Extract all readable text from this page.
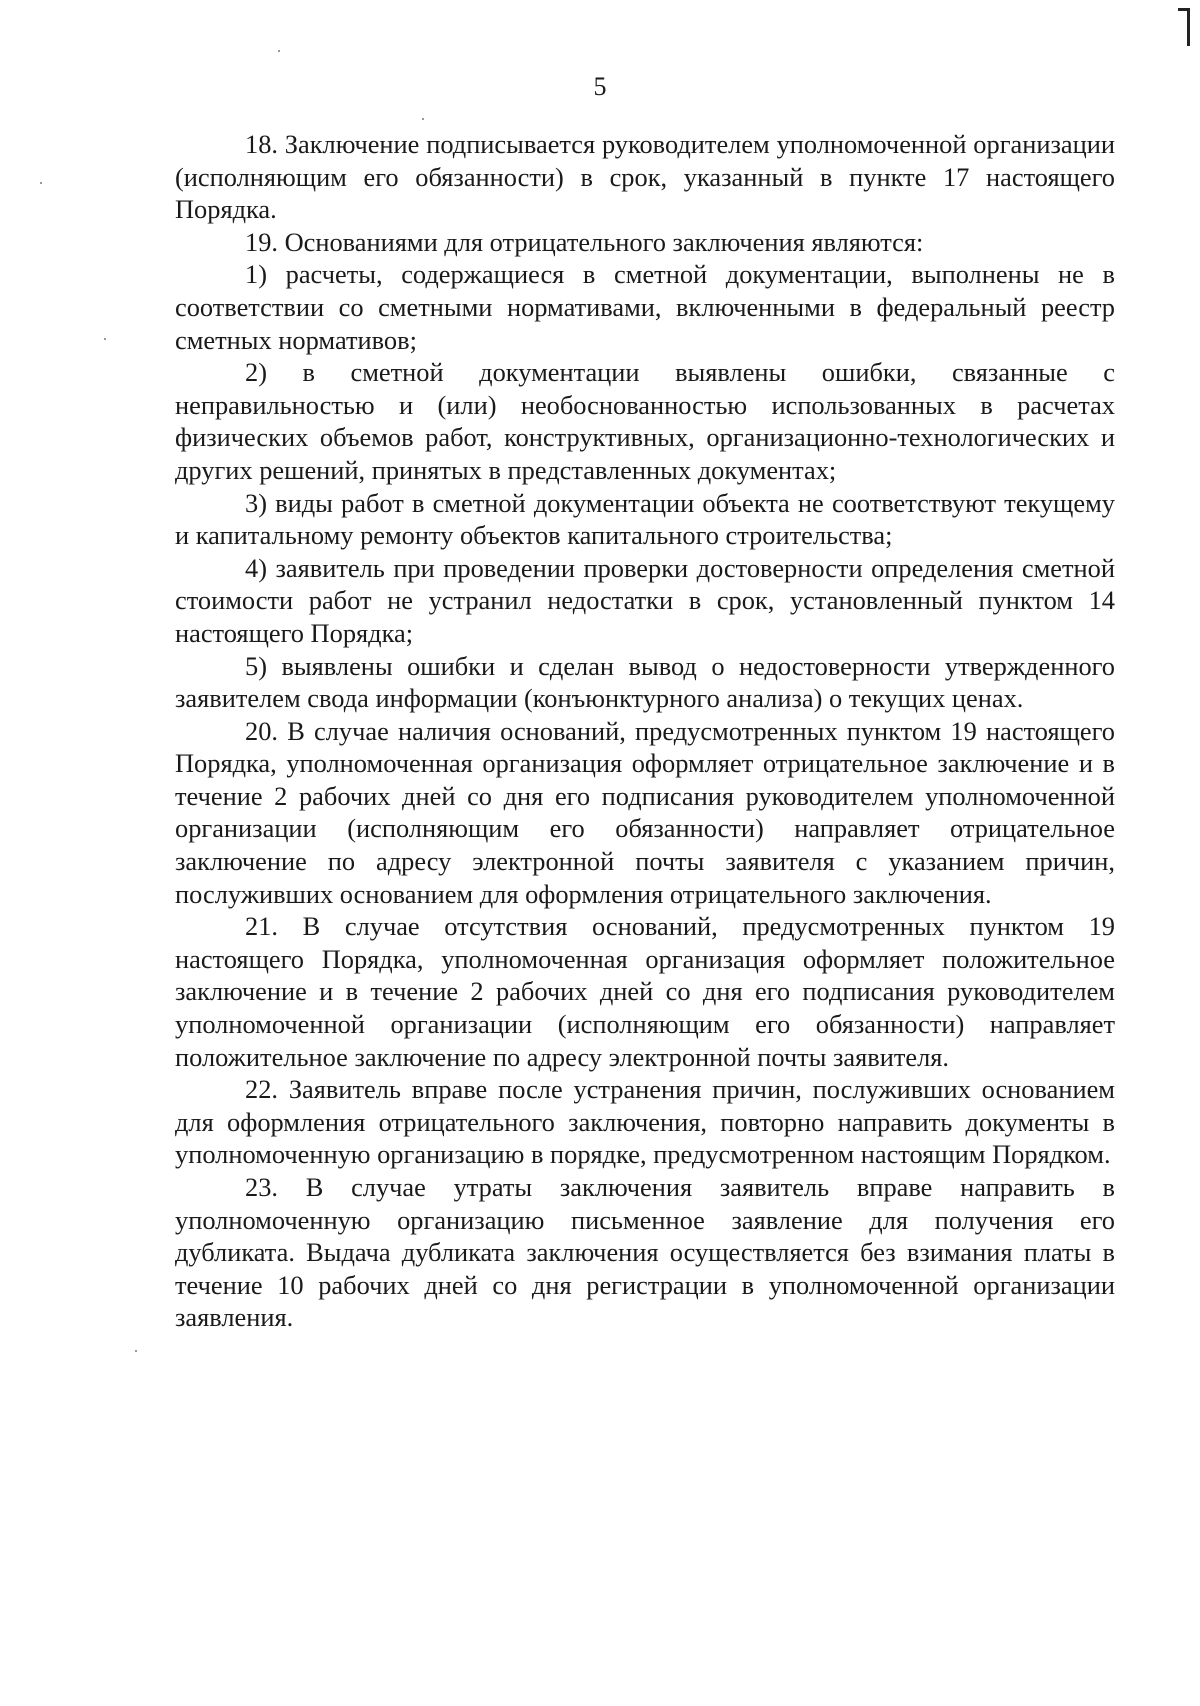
5

18. Заключение подписывается руководителем уполномоченной организации (исполняющим его обязанности) в срок, указанный в пункте 17 настоящего Порядка.

19. Основаниями для отрицательного заключения являются:

1) расчеты, содержащиеся в сметной документации, выполнены не в соответствии со сметными нормативами, включенными в федеральный реестр сметных нормативов;

2) в сметной документации выявлены ошибки, связанные с неправильностью и (или) необоснованностью использованных в расчетах физических объемов работ, конструктивных, организационно-технологических и других решений, принятых в представленных документах;

3) виды работ в сметной документации объекта не соответствуют текущему и капитальному ремонту объектов капитального строительства;

4) заявитель при проведении проверки достоверности определения сметной стоимости работ не устранил недостатки в срок, установленный пунктом 14 настоящего Порядка;

5) выявлены ошибки и сделан вывод о недостоверности утвержденного заявителем свода информации (конъюнктурного анализа) о текущих ценах.

20. В случае наличия оснований, предусмотренных пунктом 19 настоящего Порядка, уполномоченная организация оформляет отрицательное заключение и в течение 2 рабочих дней со дня его подписания руководителем уполномоченной организации (исполняющим его обязанности) направляет отрицательное заключение по адресу электронной почты заявителя с указанием причин, послуживших основанием для оформления отрицательного заключения.

21. В случае отсутствия оснований, предусмотренных пунктом 19 настоящего Порядка, уполномоченная организация оформляет положительное заключение и в течение 2 рабочих дней со дня его подписания руководителем уполномоченной организации (исполняющим его обязанности) направляет положительное заключение по адресу электронной почты заявителя.

22. Заявитель вправе после устранения причин, послуживших основанием для оформления отрицательного заключения, повторно направить документы в уполномоченную организацию в порядке, предусмотренном настоящим Порядком.

23. В случае утраты заключения заявитель вправе направить в уполномоченную организацию письменное заявление для получения его дубликата. Выдача дубликата заключения осуществляется без взимания платы в течение 10 рабочих дней со дня регистрации в уполномоченной организации заявления.
